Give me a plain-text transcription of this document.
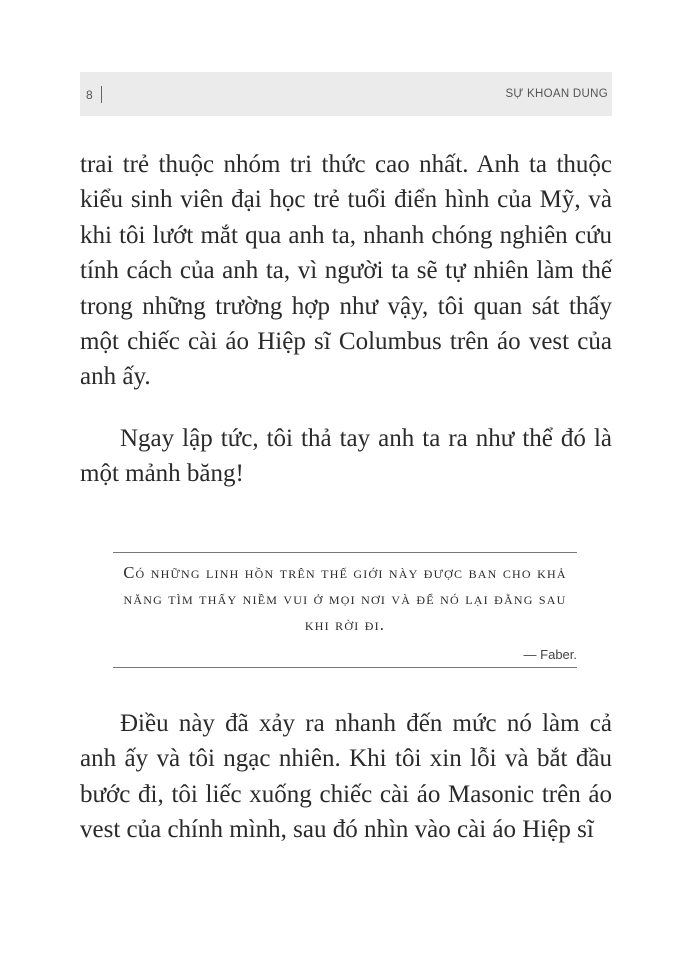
8	SỰ KHOAN DUNG

trai trẻ thuộc nhóm tri thức cao nhất. Anh ta thuộc kiểu sinh viên đại học trẻ tuổi điển hình của Mỹ, và khi tôi lướt mắt qua anh ta, nhanh chóng nghiên cứu tính cách của anh ta, vì người ta sẽ tự nhiên làm thế trong những trường hợp như vậy, tôi quan sát thấy một chiếc cài áo Hiệp sĩ Columbus trên áo vest của anh ấy.

Ngay lập tức, tôi thả tay anh ta ra như thể đó là một mảnh băng!

Có những linh hồn trên thế giới này được ban cho khả năng tìm thấy niềm vui ở mọi nơi và để nó lại đằng sau khi rời đi.

— Faber.

Điều này đã xảy ra nhanh đến mức nó làm cả anh ấy và tôi ngạc nhiên. Khi tôi xin lỗi và bắt đầu bước đi, tôi liếc xuống chiếc cài áo Masonic trên áo vest của chính mình, sau đó nhìn vào cài áo Hiệp sĩ
